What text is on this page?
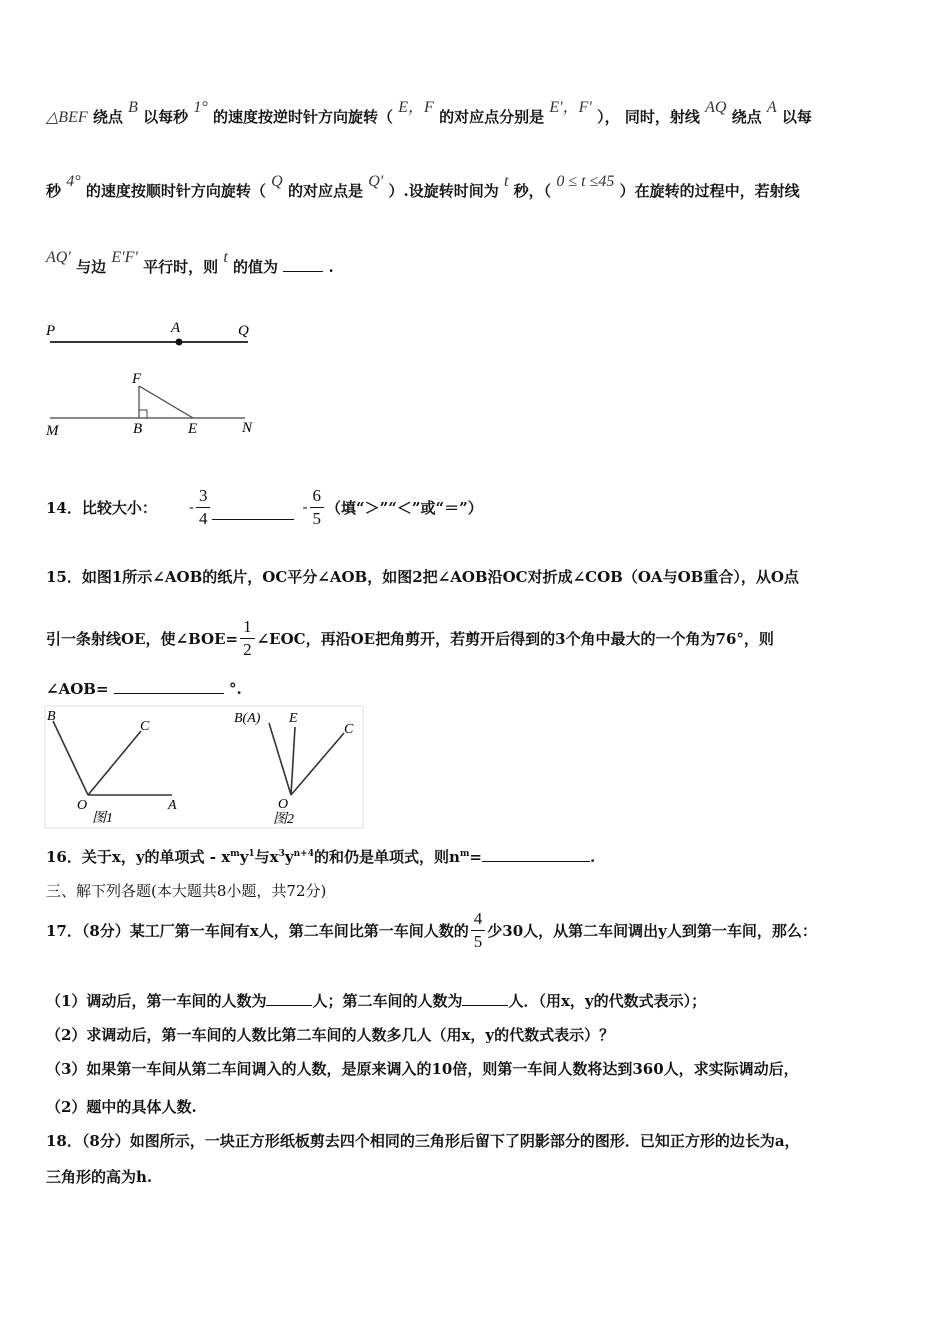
△BEF 绕点 B 以每秒 1° 的速度按逆时针方向旋转（ E，F 的对应点分别是 E′，F′ ）， 同时，射线 AQ 绕点 A 以每
秒 4° 的速度按顺时针方向旋转（ Q 的对应点是 Q′ ）.设旋转时间为 t 秒，（ 0 ≤ t ≤45 ）在旋转的过程中，若射线
AQ′ 与边 E′F′ 平行时，则 t 的值为	.
P	A	Q
F
M	B	E	N
14．比较大小： - $\frac{3}{4}$	- $\frac{6}{5}$ （填“＞”“＜”或“＝”）
15．如图1所示∠AOB的纸片，OC平分∠AOB，如图2把∠AOB沿OC对折成∠COB（OA与OB重合），从O点
引一条射线OE，使∠BOE= $\frac{1}{2}$ ∠EOC，再沿OE把角剪开，若剪开后得到的3个角中最大的一个角为76°，则
∠AOB=	°.
B
C
O	A
图1
B(A) E
C
O
图2
16．关于x，y的单项式 - $x^my^1$与$x^3y^{n+4}$的和仍是单项式，则$n^m=$	.
三、解下列各题(本大题共8小题，共72分)
17．（8分）某工厂第一车间有x人，第二车间比第一车间人数的 $\frac{4}{5}$ 少30人，从第二车间调出y人到第一车间，那么：
（1）调动后，第一车间的人数为	人；第二车间的人数为	人．（用x，y的代数式表示）；
（2）求调动后，第一车间的人数比第二车间的人数多几人（用x，y的代数式表示）？
（3）如果第一车间从第二车间调入的人数，是原来调入的10倍，则第一车间人数将达到360人，求实际调动后，
（2）题中的具体人数.
18．（8分）如图所示，一块正方形纸板剪去四个相同的三角形后留下了阴影部分的图形．已知正方形的边长为a，
三角形的高为h.
